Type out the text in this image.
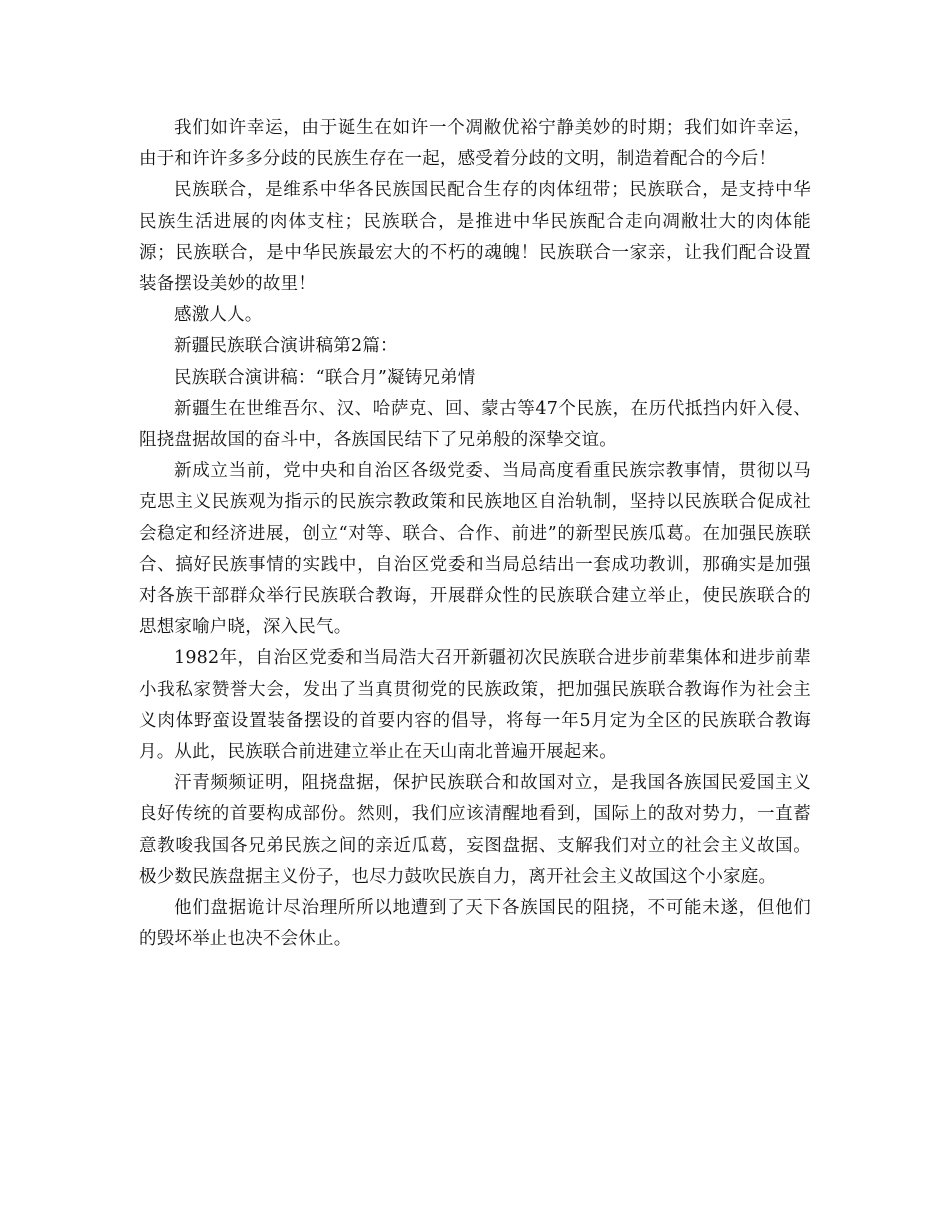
我们如许幸运，由于诞生在如许一个凋敝优裕宁静美妙的时期；我们如许幸运，由于和许许多多分歧的民族生存在一起，感受着分歧的文明，制造着配合的今后！

民族联合，是维系中华各民族国民配合生存的肉体纽带；民族联合，是支持中华民族生活进展的肉体支柱；民族联合，是推进中华民族配合走向凋敝壮大的肉体能源；民族联合，是中华民族最宏大的不朽的魂魄！民族联合一家亲，让我们配合设置装备摆设美妙的故里！

感激人人。

新疆民族联合演讲稿第2篇：

民族联合演讲稿：“联合月”凝铸兄弟情

新疆生在世维吾尔、汉、哈萨克、回、蒙古等47个民族，在历代抵挡内奸入侵、阻挠盘据故国的奋斗中，各族国民结下了兄弟般的深挚交谊。

新成立当前，党中央和自治区各级党委、当局高度看重民族宗教事情，贯彻以马克思主义民族观为指示的民族宗教政策和民族地区自治轨制，坚持以民族联合促成社会稳定和经济进展，创立“对等、联合、合作、前进”的新型民族瓜葛。在加强民族联合、搞好民族事情的实践中，自治区党委和当局总结出一套成功教训，那确实是加强对各族干部群众举行民族联合教诲，开展群众性的民族联合建立举止，使民族联合的思想家喻户晓，深入民气。

1982年，自治区党委和当局浩大召开新疆初次民族联合进步前辈集体和进步前辈小我私家赞誉大会，发出了当真贯彻党的民族政策，把加强民族联合教诲作为社会主义肉体野蛮设置装备摆设的首要内容的倡导，将每一年5月定为全区的民族联合教诲月。从此，民族联合前进建立举止在天山南北普遍开展起来。

汗青频频证明，阻挠盘据，保护民族联合和故国对立，是我国各族国民爱国主义良好传统的首要构成部份。然则，我们应该清醒地看到，国际上的敌对势力，一直蓄意教唆我国各兄弟民族之间的亲近瓜葛，妄图盘据、支解我们对立的社会主义故国。极少数民族盘据主义份子，也尽力鼓吹民族自力，离开社会主义故国这个小家庭。

他们盘据诡计尽治理所所以地遭到了天下各族国民的阻挠，不可能未遂，但他们的毁坏举止也决不会休止。
